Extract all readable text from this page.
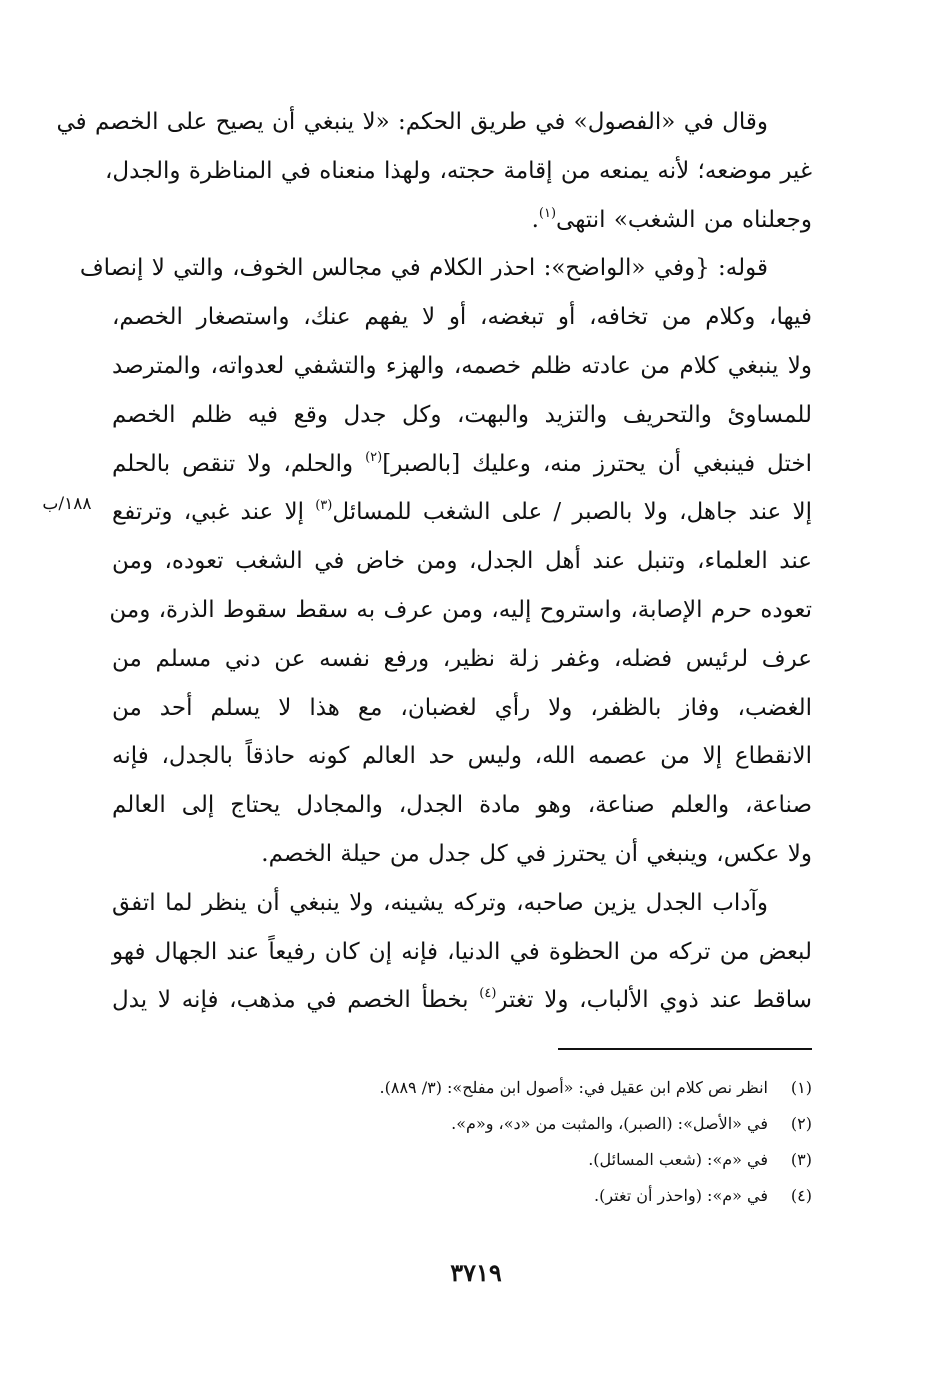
وقال في «الفصول» في طريق الحكم: «لا ينبغي أن يصيح على الخصم في
غير موضعه؛ لأنه يمنعه من إقامة حجته، ولهذا منعناه في المناظرة والجدل،
وجعلناه من الشغب» انتهى$^{(١)}$.

قوله: {وفي «الواضح»: احذر الكلام في مجالس الخوف، والتي لا إنصاف
فيها، وكلام من تخافه، أو تبغضه، أو لا يفهم عنك، واستصغار الخصم،
ولا ينبغي كلام من عادته ظلم خصمه، والهزء والتشفي لعدواته، والمترصد
للمساوئ والتحريف والتزيد والبهت، وكل جدل وقع فيه ظلم الخصم
اختل فينبغي أن يحترز منه، وعليك [بالصبر]$^{(٢)}$ والحلم، ولا تنقص بالحلم
إلا عند جاهل، ولا بالصبر / على الشغب للمسائل$^{(٣)}$ إلا عند غبي، وترتفع
عند العلماء، وتنبل عند أهل الجدل، ومن خاض في الشغب تعوده، ومن
تعوده حرم الإصابة، واستروح إليه، ومن عرف به سقط سقوط الذرة، ومن
عرف لرئيس فضله، وغفر زلة نظير، ورفع نفسه عن دني مسلم من
الغضب، وفاز بالظفر، ولا رأي لغضبان، مع هذا لا يسلم أحد من
الانقطاع إلا من عصمه الله، وليس حد العالم كونه حاذقاً بالجدل، فإنه
صناعة، والعلم صناعة، وهو مادة الجدل، والمجادل يحتاج إلى العالم
ولا عكس، وينبغي أن يحترز في كل جدل من حيلة الخصم.

وآداب الجدل يزين صاحبه، وتركه يشينه، ولا ينبغي أن ينظر لما اتفق
لبعض من تركه من الحظوة في الدنيا، فإنه إن كان رفيعاً عند الجهال فهو
ساقط عند ذوي الألباب، ولا تغتر$^{(٤)}$ بخطأ الخصم في مذهب، فإنه لا يدل

١٨٨/ب
(١)انظر نص كلام ابن عقيل في: «أصول ابن مفلح»: (٣/ ٨٨٩).
(٢)في «الأصل»: (الصبر)، والمثبت من «د»، و«م».
(٣)في «م»: (شعب المسائل).
(٤)في «م»: (واحذر أن تغتر).
٣٧١٩
